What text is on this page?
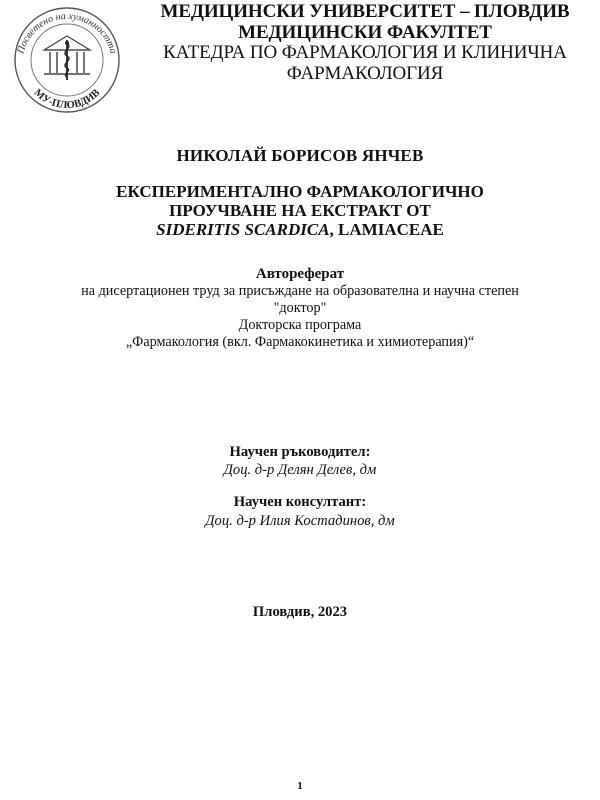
Посветено на хуманността
МУ-ПЛОВДИВ
МЕДИЦИНСКИ УНИВЕРСИТЕТ – ПЛОВДИВ
МЕДИЦИНСКИ ФАКУЛТЕТ
КАТЕДРА ПО ФАРМАКОЛОГИЯ И КЛИНИЧНА
ФАРМАКОЛОГИЯ
НИКОЛАЙ БОРИСОВ ЯНЧЕВ
ЕКСПЕРИМЕНТАЛНО ФАРМАКОЛОГИЧНО
ПРОУЧВАНЕ НА ЕКСТРАКТ ОТ
SIDERITIS SCARDICA, LAMIACEAE
Автореферат
на дисертационен труд за присъждане на образователна и научна степен
"доктор"
Докторска програма
„Фармакология (вкл. Фармакокинетика и химиотерапия)“
Научен ръководител:
Доц. д-р Делян Делев, дм
Научен консултант:
Доц. д-р Илия Костадинов, дм
Пловдив, 2023
1
